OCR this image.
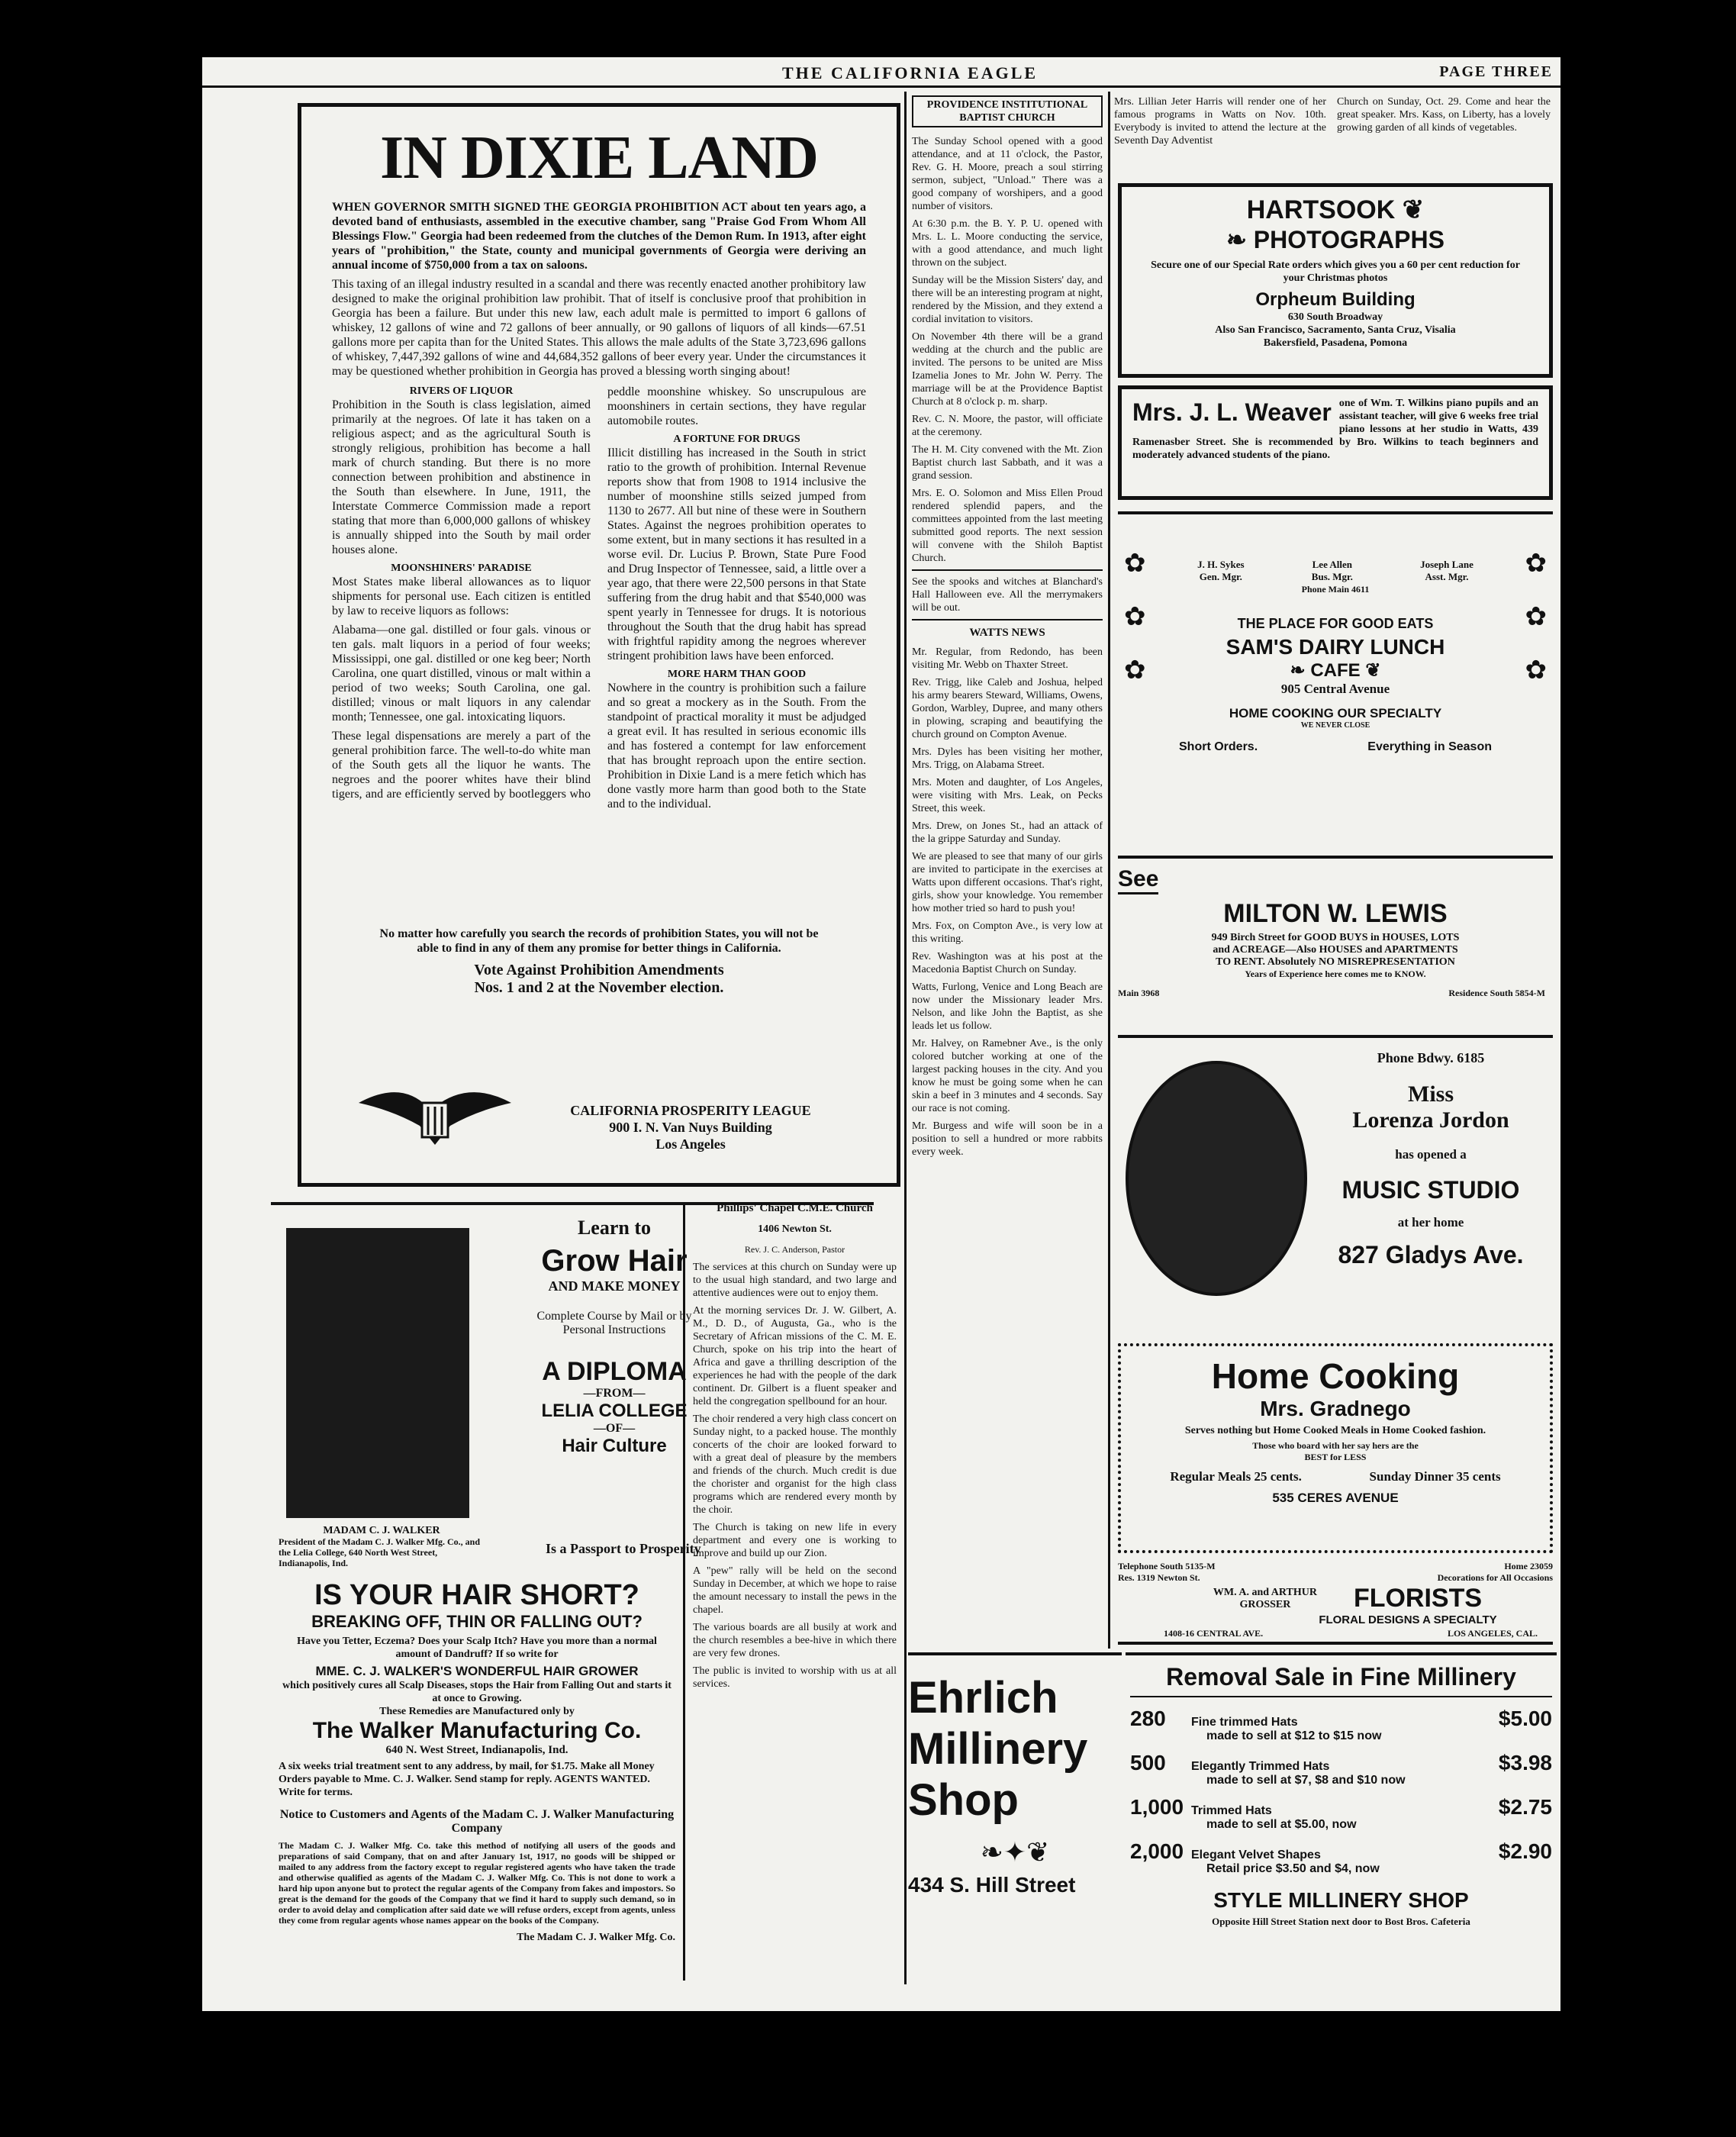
THE CALIFORNIA EAGLE	PAGE THREE
IN DIXIE LAND

WHEN GOVERNOR SMITH SIGNED THE GEORGIA PROHIBITION ACT about ten years ago, a devoted band of enthusiasts, assembled in the executive chamber, sang "Praise God From Whom All Blessings Flow." Georgia had been redeemed from the clutches of the Demon Rum. In 1913, after eight years of "prohibition," the State, county and municipal governments of Georgia were deriving an annual income of $750,000 from a tax on saloons.

This taxing of an illegal industry resulted in a scandal and there was recently enacted another prohibitory law designed to make the original prohibition law prohibit. That of itself is conclusive proof that prohibition in Georgia has been a failure. But under this new law, each adult male is permitted to import 6 gallons of whiskey, 12 gallons of wine and 72 gallons of beer annually, or 90 gallons of liquors of all kinds—67.51 gallons more per capita than for the United States. This allows the male adults of the State 3,723,696 gallons of whiskey, 7,447,392 gallons of wine and 44,684,352 gallons of beer every year. Under the circumstances it may be questioned whether prohibition in Georgia has proved a blessing worth singing about!

RIVERS OF LIQUOR

Prohibition in the South is class legislation, aimed primarily at the negroes. Of late it has taken on a religious aspect; and as the agricultural South is strongly religious, prohibition has become a hall mark of church standing. But there is no more connection between prohibition and abstinence in the South than elsewhere. In June, 1911, the Interstate Commerce Commission made a report stating that more than 6,000,000 gallons of whiskey is annually shipped into the South by mail order houses alone.

MOONSHINERS' PARADISE

Most States make liberal allowances as to liquor shipments for personal use. Each citizen is entitled by law to receive liquors as follows:

Alabama—one gal. distilled or four gals. vinous or ten gals. malt liquors in a period of four weeks; Mississippi, one gal. distilled or one keg beer; North Carolina, one quart distilled, vinous or malt within a period of two weeks; South Carolina, one gal. distilled; vinous or malt liquors in any calendar month; Tennessee, one gal. intoxicating liquors.

These legal dispensations are merely a part of the general prohibition farce. The well-to-do white man of the South gets all the liquor he wants. The negroes and the poorer whites have their blind tigers, and are efficiently served by bootleggers who peddle moonshine whiskey. So unscrupulous are moonshiners in certain sections, they have regular automobile routes.

A FORTUNE FOR DRUGS

Illicit distilling has increased in the South in strict ratio to the growth of prohibition. Internal Revenue reports show that from 1908 to 1914 inclusive the number of moonshine stills seized jumped from 1130 to 2677. All but nine of these were in Southern States. Against the negroes prohibition operates to some extent, but in many sections it has resulted in a worse evil. Dr. Lucius P. Brown, State Pure Food and Drug Inspector of Tennessee, said, a little over a year ago, that there were 22,500 persons in that State suffering from the drug habit and that $540,000 was spent yearly in Tennessee for drugs. It is notorious throughout the South that the drug habit has spread with frightful rapidity among the negroes wherever stringent prohibition laws have been enforced.

MORE HARM THAN GOOD

Nowhere in the country is prohibition such a failure and so great a mockery as in the South. From the standpoint of practical morality it must be adjudged a great evil. It has resulted in serious economic ills and has fostered a contempt for law enforcement that has brought reproach upon the entire section. Prohibition in Dixie Land is a mere fetich which has done vastly more harm than good both to the State and to the individual.

No matter how carefully you search the records of prohibition States, you will not be able to find in any of them any promise for better things in California.

Vote Against Prohibition Amendments
Nos. 1 and 2 at the November election.
CALIFORNIA PROSPERITY LEAGUE
900 I. N. Van Nuys Building
Los Angeles
PROVIDENCE INSTITUTIONAL BAPTIST CHURCH

The Sunday School opened with a good attendance, and at 11 o'clock, the Pastor, Rev. G. H. Moore, preach a soul stirring sermon, subject, "Unload." There was a good company of worshipers, and a good number of visitors.

At 6:30 p.m. the B. Y. P. U. opened with Mrs. L. L. Moore conducting the service, with a good attendance, and much light thrown on the subject.

Sunday will be the Mission Sisters' day, and there will be an interesting program at night, rendered by the Mission, and they extend a cordial invitation to visitors.

On November 4th there will be a grand wedding at the church and the public are invited. The persons to be united are Miss Izamelia Jones to Mr. John W. Perry. The marriage will be at the Providence Baptist Church at 8 o'clock p. m. sharp.

Rev. C. N. Moore, the pastor, will officiate at the ceremony.

The H. M. City convened with the Mt. Zion Baptist church last Sabbath, and it was a grand session.

Mrs. E. O. Solomon and Miss Ellen Proud rendered splendid papers, and the committees appointed from the last meeting submitted good reports. The next session will convene with the Shiloh Baptist Church.

See the spooks and witches at Blanchard's Hall Halloween eve. All the merrymakers will be out.

WATTS NEWS

Mr. Regular, from Redondo, has been visiting Mr. Webb on Thaxter Street.

Rev. Trigg, like Caleb and Joshua, helped his army bearers Steward, Williams, Owens, Gordon, Warbley, Dupree, and many others in plowing, scraping and beautifying the church ground on Compton Avenue.

Mrs. Dyles has been visiting her mother, Mrs. Trigg, on Alabama Street.

Mrs. Moten and daughter, of Los Angeles, were visiting with Mrs. Leak, on Pecks Street, this week.

Mrs. Drew, on Jones St., had an attack of the la grippe Saturday and Sunday.

We are pleased to see that many of our girls are invited to participate in the exercises at Watts upon different occasions. That's right, girls, show your knowledge. You remember how mother tried so hard to push you!

Mrs. Fox, on Compton Ave., is very low at this writing.

Rev. Washington was at his post at the Macedonia Baptist Church on Sunday.

Watts, Furlong, Venice and Long Beach are now under the Missionary leader Mrs. Nelson, and like John the Baptist, as she leads let us follow.

Mr. Halvey, on Ramebner Ave., is the only colored butcher working at one of the largest packing houses in the city. And you know he must be going some when he can skin a beef in 3 minutes and 4 seconds. Say our race is not coming.

Mr. Burgess and wife will soon be in a position to sell a hundred or more rabbits every week.

Mrs. Lillian Jeter Harris will render one of her famous programs in Watts on Nov. 10th. Everybody is invited to attend the lecture at the Seventh Day Adventist
Church on Sunday, Oct. 29. Come and hear the great speaker. Mrs. Kass, on Liberty, has a lovely growing garden of all kinds of vegetables.
HARTSOOK ❦
❧ PHOTOGRAPHS
Secure one of our Special Rate orders which gives you a 60 per cent reduction for your Christmas photos
Orpheum Building
630 South Broadway
Also San Francisco, Sacramento, Santa Cruz, Visalia
Bakersfield, Pasadena, Pomona
Mrs. J. L. Weaver one of Wm. T. Wilkins piano pupils and an assistant teacher, will give 6 weeks free trial piano lessons at her studio in Watts, 439 Ramenasber Street. She is recommended by Bro. Wilkins to teach beginners and moderately advanced students of the piano.
✿
✿
✿
✿
✿
✿
J. H. Sykes
Gen. Mgr.
Lee Allen
Bus. Mgr.
Joseph Lane
Asst. Mgr.
Phone Main 4611
THE PLACE FOR GOOD EATS
SAM'S DAIRY LUNCH
❧ CAFE ❦
905 Central Avenue
HOME COOKING OUR SPECIALTY
WE NEVER CLOSE
Short Orders.	Everything in Season
See
MILTON W. LEWIS
949 Birch Street for GOOD BUYS in HOUSES, LOTS
and ACREAGE—Also HOUSES and APARTMENTS
TO RENT. Absolutely NO MISREPRESENTATION
Years of Experience here comes me to KNOW.
Main 3968	Residence South 5854-M
Phone Bdwy. 6185
Miss
Lorenza Jordon
has opened a
MUSIC STUDIO
at her home
827 Gladys Ave.
Home Cooking
Mrs. Gradnego
Serves nothing but Home Cooked Meals in Home Cooked fashion.
Those who board with her say hers are the BEST for LESS
Regular Meals 25 cents.	Sunday Dinner 35 cents
535 CERES AVENUE
Telephone South 5135-M
Res. 1319 Newton St.
Home 23059
Decorations for All Occasions
WM. A. and ARTHUR GROSSER	FLORISTS
FLORAL DESIGNS A SPECIALTY
1408-16 CENTRAL AVE.	LOS ANGELES, CAL.
Learn to
Grow Hair
AND MAKE MONEY
Complete Course by Mail or by Personal Instructions
A DIPLOMA
—FROM—
LELIA COLLEGE
—OF—
Hair Culture
MADAM C. J. WALKER
President of the Madam C. J. Walker Mfg. Co., and the Lelia College, 640 North West Street, Indianapolis, Ind.
Is a Passport to Prosperity
IS YOUR HAIR SHORT?
BREAKING OFF, THIN OR FALLING OUT?
Have you Tetter, Eczema? Does your Scalp Itch? Have you more than a normal amount of Dandruff? If so write for
MME. C. J. WALKER'S WONDERFUL HAIR GROWER
which positively cures all Scalp Diseases, stops the Hair from Falling Out and starts it at once to Growing.
These Remedies are Manufactured only by
The Walker Manufacturing Co.
640 N. West Street, Indianapolis, Ind.
A six weeks trial treatment sent to any address, by mail, for $1.75. Make all Money Orders payable to Mme. C. J. Walker. Send stamp for reply. AGENTS WANTED. Write for terms.
Notice to Customers and Agents of the Madam C. J. Walker Manufacturing Company
The Madam C. J. Walker Mfg. Co. take this method of notifying all users of the goods and preparations of said Company, that on and after January 1st, 1917, no goods will be shipped or mailed to any address from the factory except to regular registered agents who have taken the trade and otherwise qualified as agents of the Madam C. J. Walker Mfg. Co. This is not done to work a hard hip upon anyone but to protect the regular agents of the Company from fakes and impostors. So great is the demand for the goods of the Company that we find it hard to supply such demand, so in order to avoid delay and complication after said date we will refuse orders, except from agents, unless they come from regular agents whose names appear on the books of the Company.
The Madam C. J. Walker Mfg. Co.
Phillips' Chapel C.M.E. Church
1406 Newton St.
Rev. J. C. Anderson, Pastor

The services at this church on Sunday were up to the usual high standard, and two large and attentive audiences were out to enjoy them.

At the morning services Dr. J. W. Gilbert, A. M., D. D., of Augusta, Ga., who is the Secretary of African missions of the C. M. E. Church, spoke on his trip into the heart of Africa and gave a thrilling description of the experiences he had with the people of the dark continent. Dr. Gilbert is a fluent speaker and held the congregation spellbound for an hour.

The choir rendered a very high class concert on Sunday night, to a packed house. The monthly concerts of the choir are looked forward to with a great deal of pleasure by the members and friends of the church. Much credit is due the chorister and organist for the high class programs which are rendered every month by the choir.

The Church is taking on new life in every department and every one is working to improve and build up our Zion.

A "pew" rally will be held on the second Sunday in December, at which we hope to raise the amount necessary to install the pews in the chapel.

The various boards are all busily at work and the church resembles a bee-hive in which there are very few drones.

The public is invited to worship with us at all services.	Ehrlich
Millinery
Shop
❧✦❦
434 S. Hill Street
Removal Sale in Fine Millinery
280	Fine trimmed Hats
made to sell at $12 to $15 now
$5.00
500	Elegantly Trimmed Hats
made to sell at $7, $8 and $10 now
$3.98
1,000 Trimmed Hats
made to sell at $5.00, now
$2.75
2,000 Elegant Velvet Shapes
Retail price $3.50 and $4, now
$2.90
STYLE MILLINERY SHOP
Opposite Hill Street Station next door to Bost Bros. Cafeteria
